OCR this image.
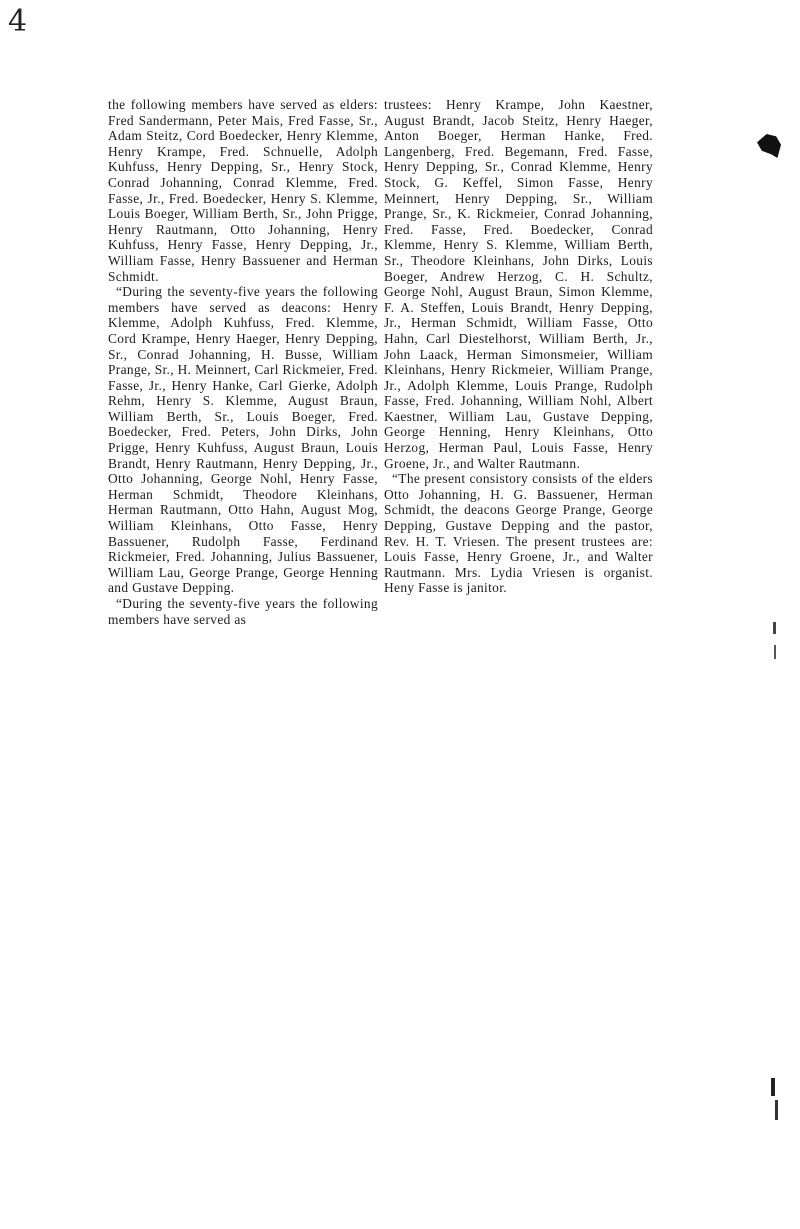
4

the following members have served as elders: Fred Sandermann, Peter Mais, Fred Fasse, Sr., Adam Steitz, Cord Boedecker, Henry Klemme, Henry Krampe, Fred. Schnuelle, Adolph Kuhfuss, Henry Depping, Sr., Henry Stock, Conrad Johanning, Conrad Klemme, Fred. Fasse, Jr., Fred. Boedecker, Henry S. Klemme, Louis Boeger, William Berth, Sr., John Prigge, Henry Rautmann, Otto Johanning, Henry Kuhfuss, Henry Fasse, Henry Depping, Jr., William Fasse, Henry Bassuener and Herman Schmidt.

“During the seventy-five years the following members have served as deacons: Henry Klemme, Adolph Kuhfuss, Fred. Klemme, Cord Krampe, Henry Haeger, Henry Depping, Sr., Conrad Johanning, H. Busse, William Prange, Sr., H. Meinnert, Carl Rickmeier, Fred. Fasse, Jr., Henry Hanke, Carl Gierke, Adolph Rehm, Henry S. Klemme, August Braun, William Berth, Sr., Louis Boeger, Fred. Boedecker, Fred. Peters, John Dirks, John Prigge, Henry Kuhfuss, August Braun, Louis Brandt, Henry Rautmann, Henry Depping, Jr., Otto Johanning, George Nohl, Henry Fasse, Herman Schmidt, Theodore Kleinhans, Herman Rautmann, Otto Hahn, August Mog, William Kleinhans, Otto Fasse, Henry Bassuener, Rudolph Fasse, Ferdinand Rickmeier, Fred. Johanning, Julius Bassuener, William Lau, George Prange, George Henning and Gustave Depping.

“During the seventy-five years the following members have served as

trustees: Henry Krampe, John Kaestner, August Brandt, Jacob Steitz, Henry Haeger, Anton Boeger, Herman Hanke, Fred. Langenberg, Fred. Begemann, Fred. Fasse, Henry Depping, Sr., Conrad Klemme, Henry Stock, G. Keffel, Simon Fasse, Henry Meinnert, Henry Depping, Sr., William Prange, Sr., K. Rickmeier, Conrad Johanning, Fred. Fasse, Fred. Boedecker, Conrad Klemme, Henry S. Klemme, William Berth, Sr., Theodore Kleinhans, John Dirks, Louis Boeger, Andrew Herzog, C. H. Schultz, George Nohl, August Braun, Simon Klemme, F. A. Steffen, Louis Brandt, Henry Depping, Jr., Herman Schmidt, William Fasse, Otto Hahn, Carl Diestelhorst, William Berth, Jr., John Laack, Herman Simonsmeier, William Kleinhans, Henry Rickmeier, William Prange, Jr., Adolph Klemme, Louis Prange, Rudolph Fasse, Fred. Johanning, William Nohl, Albert Kaestner, William Lau, Gustave Depping, George Henning, Henry Kleinhans, Otto Herzog, Herman Paul, Louis Fasse, Henry Groene, Jr., and Walter Rautmann.

“The present consistory consists of the elders Otto Johanning, H. G. Bassuener, Herman Schmidt, the deacons George Prange, George Depping, Gustave Depping and the pastor, Rev. H. T. Vriesen. The present trustees are: Louis Fasse, Henry Groene, Jr., and Walter Rautmann. Mrs. Lydia Vriesen is organist. Heny Fasse is janitor.
